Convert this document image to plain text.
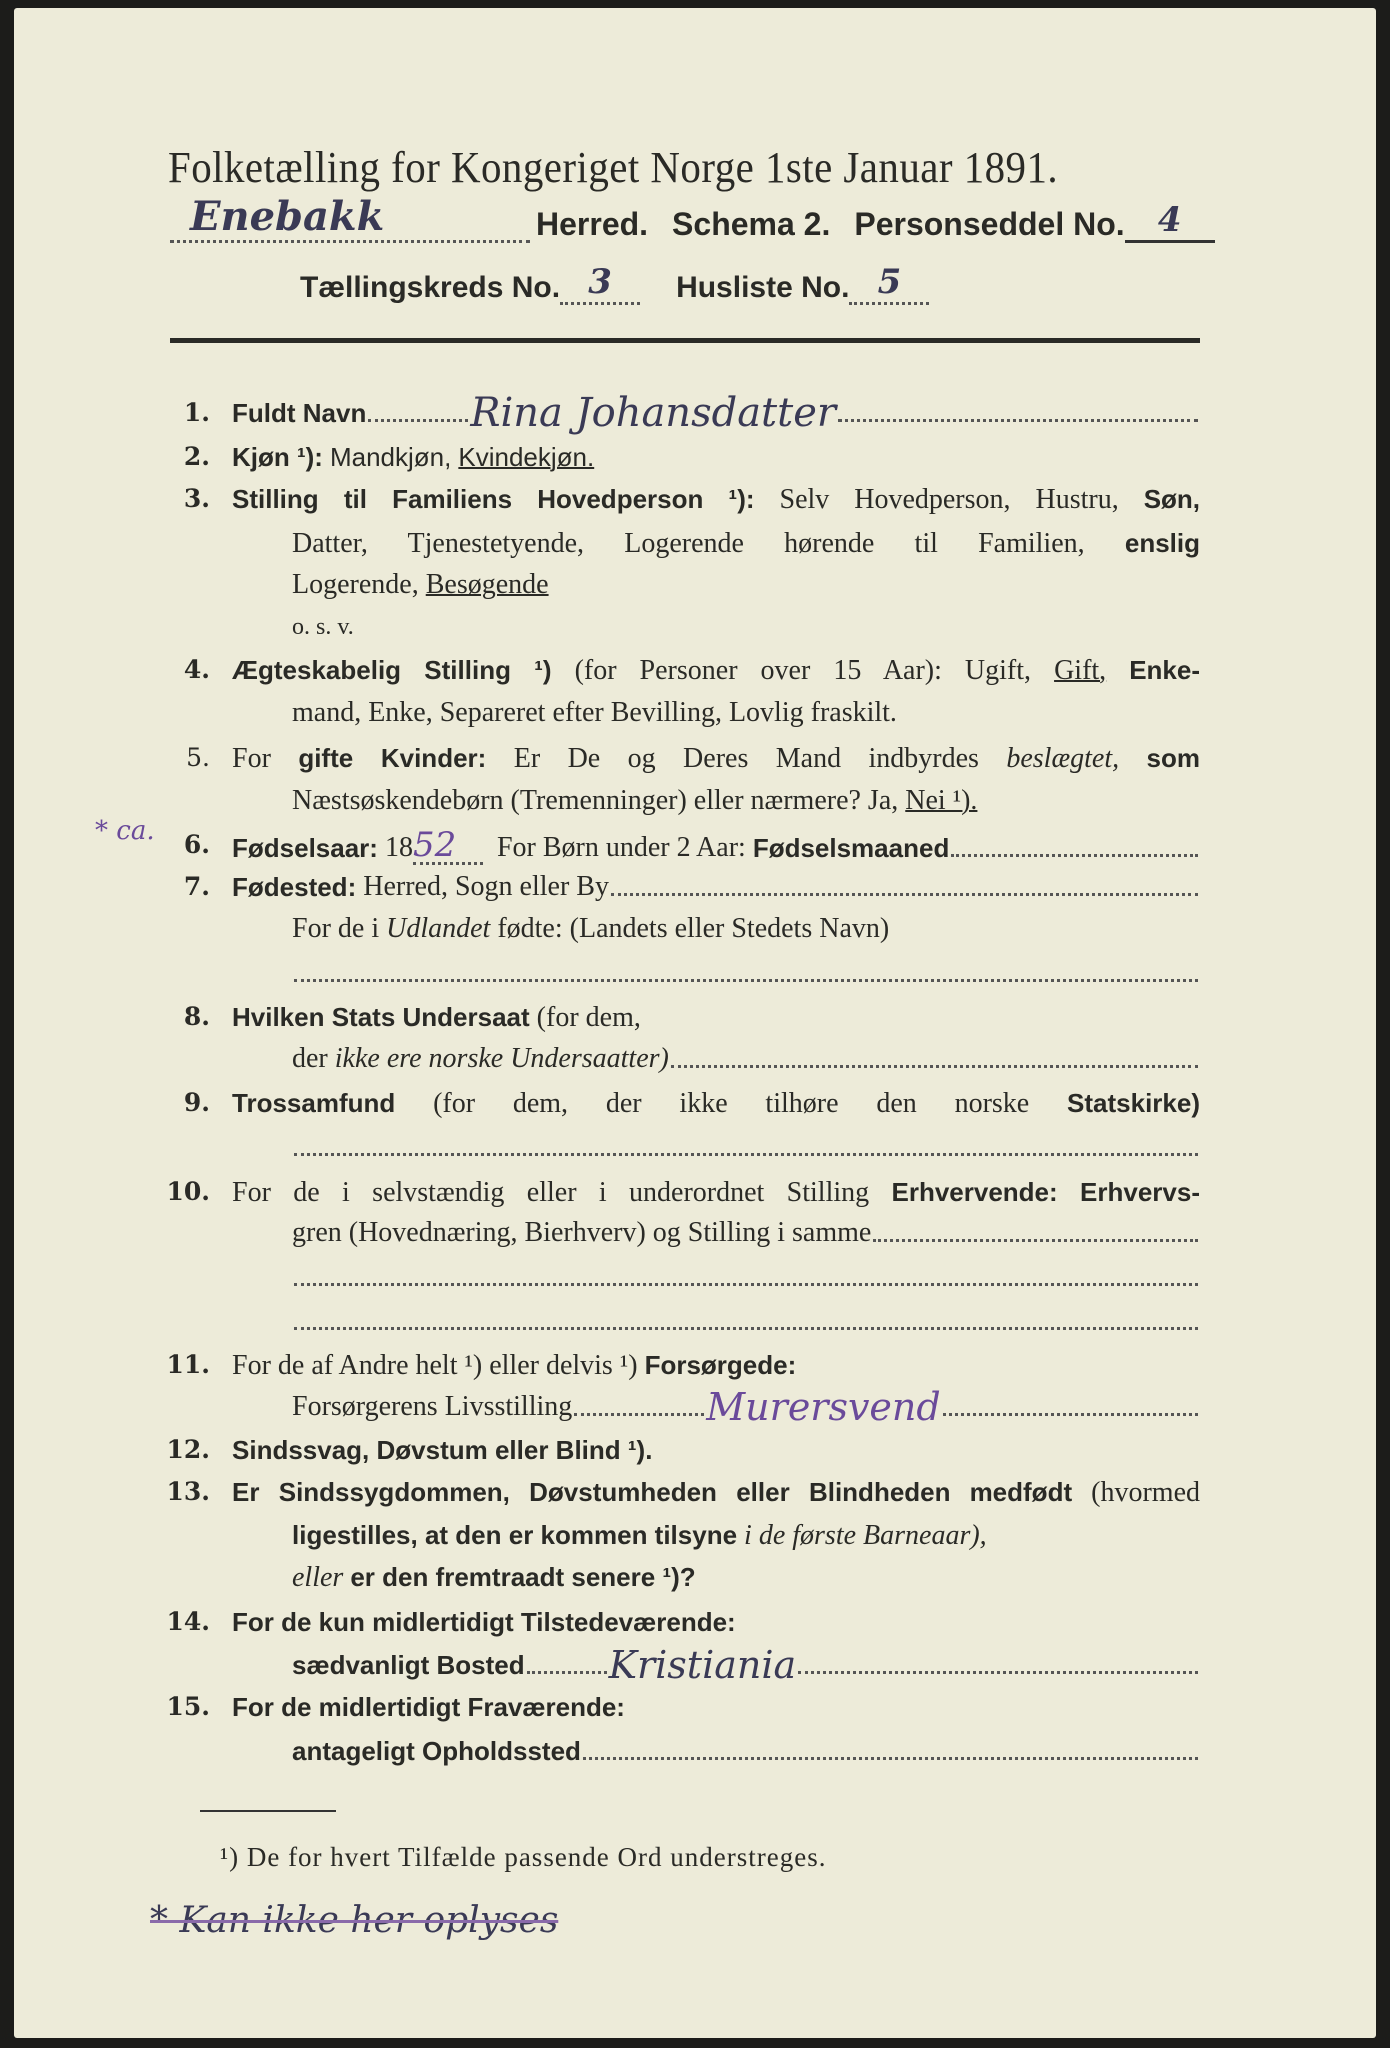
Folketælling for Kongeriget Norge 1ste Januar 1891.
Enebakk	Herred. Schema 2. Personseddel No. 4
Tællingskreds No. 3	Husliste No. 5
1. Fuldt Navn	Rina Johansdatter
2. Kjøn ¹): Mandkjøn, Kvindekjøn.
3. Stilling til Familiens Hovedperson ¹): Selv Hovedperson, Hustru, Søn,
Datter, Tjenestetyende, Logerende hørende til Familien, enslig
Logerende, Besøgende
o. s. v.
4. Ægteskabelig Stilling ¹) (for Personer over 15 Aar): Ugift, Gift, Enke-
mand, Enke, Separeret efter Bevilling, Lovlig fraskilt.
5. For gifte Kvinder: Er De og Deres Mand indbyrdes beslægtet, som
Næstsøskendebørn (Tremenninger) eller nærmere? Ja, Nei ¹).
* ca.	6. Fødselsaar:
18 52
	For Børn under 2 Aar:
Fødselsmaaned
7. Fødested:
Herred, Sogn eller By
For de i Udlandet fødte: (Landets eller Stedets Navn)
8. Hvilken Stats Undersaat (for dem,
der
ikke ere norske Undersaatter)
9. Trossamfund (for dem, der ikke tilhøre den norske Statskirke)
10. For de i selvstændig eller i underordnet Stilling Erhvervende: Erhvervs-
gren (Hovednæring, Bierhverv) og Stilling i samme
11. For de af Andre helt ¹) eller delvis ¹) Forsørgede:
Forsørgerens Livsstilling	Murersvend
12. Sindssvag, Døvstum eller Blind ¹).
13. Er Sindssygdommen, Døvstumheden eller Blindheden medfødt (hvormed
ligestilles, at den er kommen tilsyne i de første Barneaar),
eller er den fremtraadt senere ¹)?
14. For de kun midlertidigt Tilstedeværende:
sædvanligt Bosted Kristiania
15. For de midlertidigt Fraværende:
antageligt Opholdssted
¹) De for hvert Tilfælde passende Ord understreges.
* Kan ikke her oplyses
